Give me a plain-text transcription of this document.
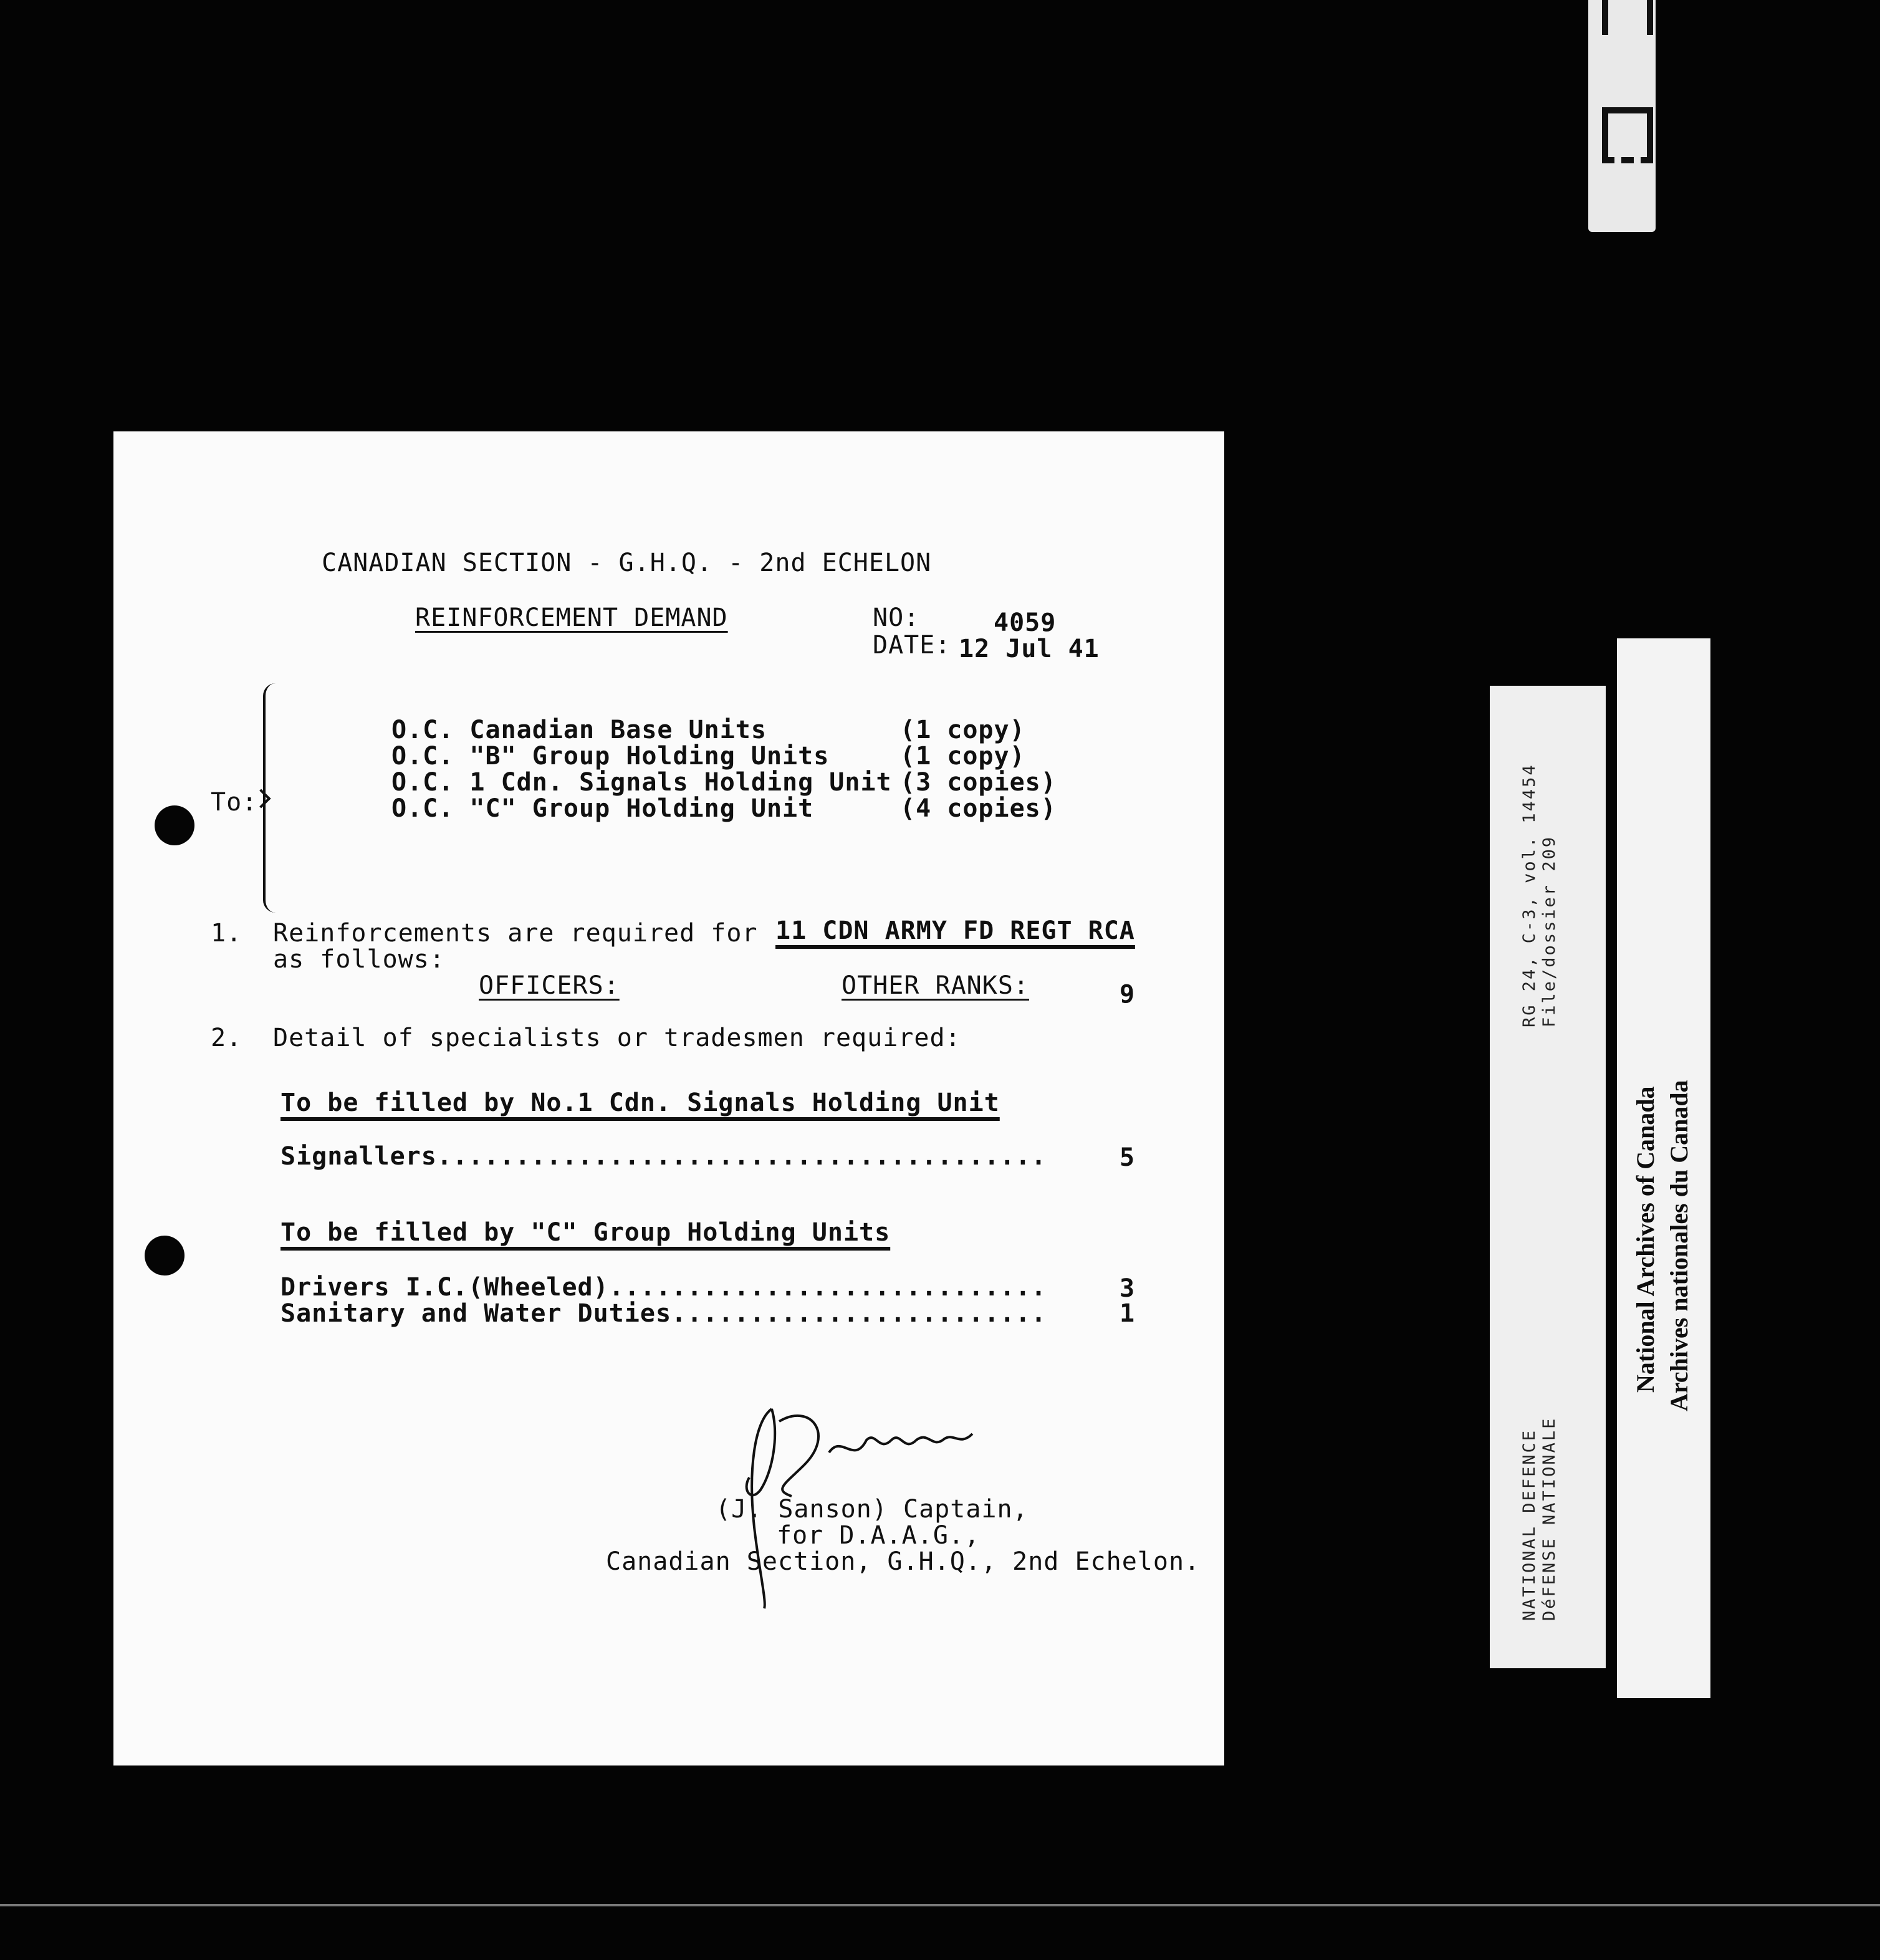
CANADIAN SECTION - G.H.Q. - 2nd ECHELON
REINFORCEMENT DEMAND	NO:	4059
DATE: 12 Jul 41
To:
O.C. Canadian Base Units	(1 copy)
O.C. "B" Group Holding Units	(1 copy)
O.C. 1 Cdn. Signals Holding Unit (3 copies)
O.C. "C" Group Holding Unit	(4 copies)
1. Reinforcements are required for 11 CDN ARMY FD REGT RCA
as follows:
OFFICERS:	OTHER RANKS:	9
2. Detail of specialists or tradesmen required:
To be filled by No.1 Cdn. Signals Holding Unit
Signallers.......................................	5
To be filled by "C" Group Holding Units
Drivers I.C.(Wheeled)............................	3
Sanitary and Water Duties........................	1
(J. Sanson) Captain,
for D.A.A.G.,
Canadian Section, G.H.Q., 2nd Echelon.
RG 24, C-3, vol. 14454 File/dossier 209
NATIONAL DEFENCE DéFENSE NATIONALE
National Archives of Canada Archives nationales du Canada
